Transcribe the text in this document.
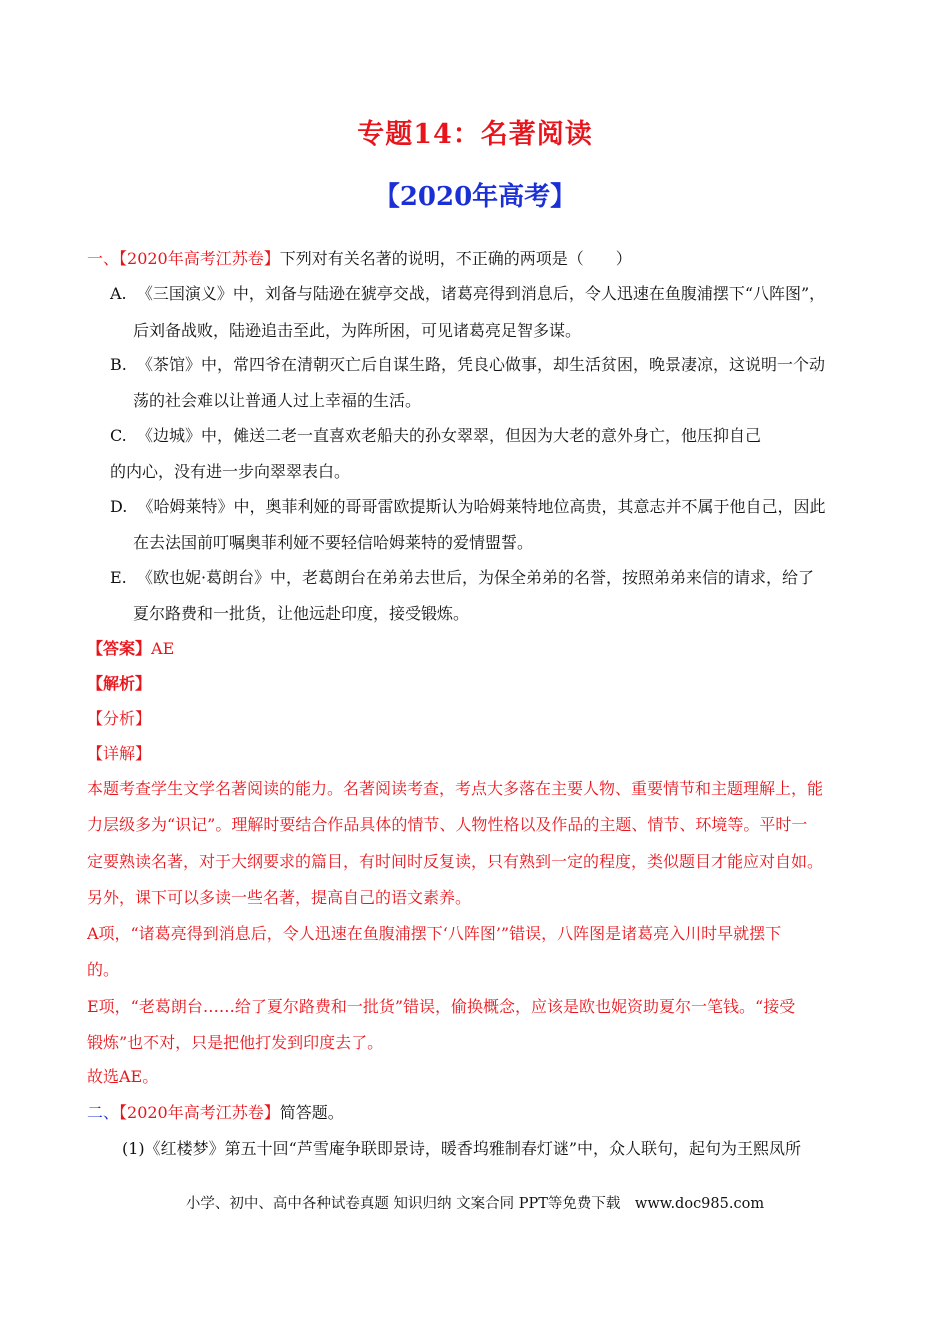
专题14：名著阅读
【2020年高考】
一、【2020年高考江苏卷】下列对有关名著的说明，不正确的两项是（　　）
A. 《三国演义》中，刘备与陆逊在猇亭交战，诸葛亮得到消息后，令人迅速在鱼腹浦摆下“八阵图”，
后刘备战败，陆逊追击至此，为阵所困，可见诸葛亮足智多谋。
B. 《茶馆》中，常四爷在清朝灭亡后自谋生路，凭良心做事，却生活贫困，晚景凄凉，这说明一个动
荡的社会难以让普通人过上幸福的生活。
C. 《边城》中，傩送二老一直喜欢老船夫的孙女翠翠，但因为大老的意外身亡，他压抑自己
的内心，没有进一步向翠翠表白。
D. 《哈姆莱特》中，奥菲利娅的哥哥雷欧提斯认为哈姆莱特地位高贵，其意志并不属于他自己，因此
在去法国前叮嘱奥菲利娅不要轻信哈姆莱特的爱情盟誓。
E. 《欧也妮·葛朗台》中，老葛朗台在弟弟去世后，为保全弟弟的名誉，按照弟弟来信的请求，给了
夏尔路费和一批货，让他远赴印度，接受锻炼。
【答案】AE
【解析】
【分析】
【详解】
本题考查学生文学名著阅读的能力。名著阅读考查，考点大多落在主要人物、重要情节和主题理解上，能
力层级多为“识记”。理解时要结合作品具体的情节、人物性格以及作品的主题、情节、环境等。平时一
定要熟读名著，对于大纲要求的篇目，有时间时反复读，只有熟到一定的程度，类似题目才能应对自如。
另外，课下可以多读一些名著，提高自己的语文素养。
A项，“诸葛亮得到消息后，令人迅速在鱼腹浦摆下‘八阵图’”错误，八阵图是诸葛亮入川时早就摆下
的。
E项，“老葛朗台……给了夏尔路费和一批货”错误，偷换概念，应该是欧也妮资助夏尔一笔钱。“接受
锻炼”也不对，只是把他打发到印度去了。
故选AE。
二、【2020年高考江苏卷】简答题。
(1)《红楼梦》第五十回“芦雪庵争联即景诗，暖香坞雅制春灯谜”中，众人联句，起句为王熙凤所
小学、初中、高中各种试卷真题 知识归纳 文案合同 PPT等免费下载　www.doc985.com
